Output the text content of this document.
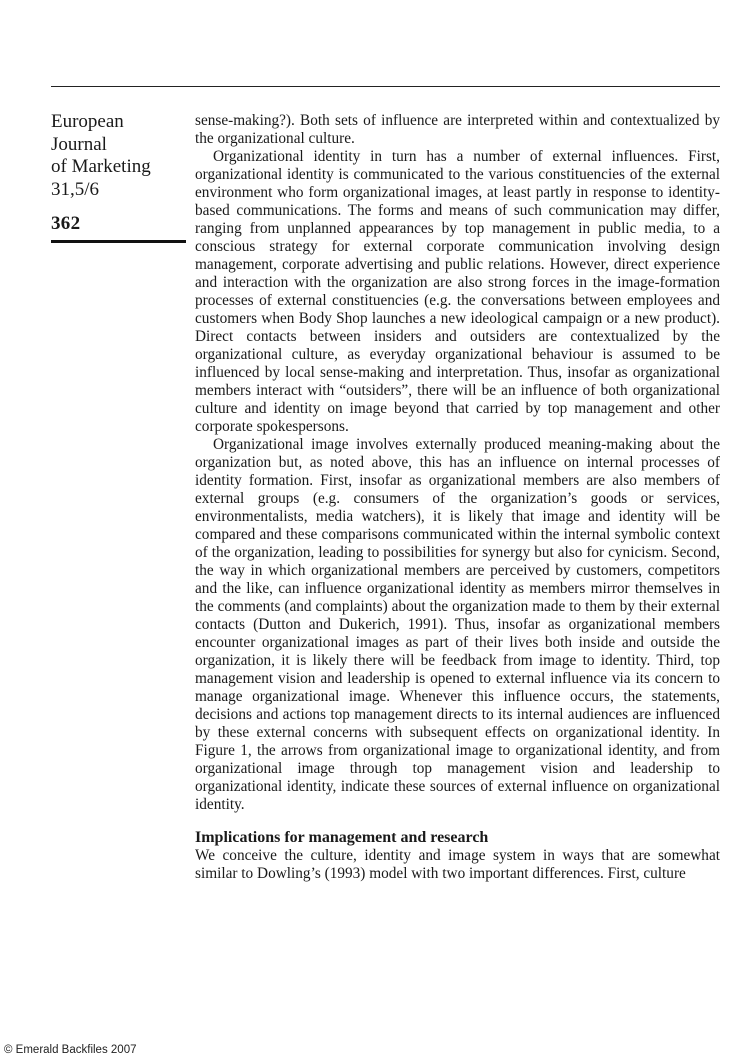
European
Journal
of Marketing
31,5/6
362

sense-making?). Both sets of influence are interpreted within and contextualized by the organizational culture.

Organizational identity in turn has a number of external influences. First, organizational identity is communicated to the various constituencies of the external environment who form organizational images, at least partly in response to identity-based communications. The forms and means of such communication may differ, ranging from unplanned appearances by top management in public media, to a conscious strategy for external corporate communication involving design management, corporate advertising and public relations. However, direct experience and interaction with the organization are also strong forces in the image-formation processes of external constituencies (e.g. the conversations between employees and customers when Body Shop launches a new ideological campaign or a new product). Direct contacts between insiders and outsiders are contextualized by the organizational culture, as everyday organizational behaviour is assumed to be influenced by local sense-making and interpretation. Thus, insofar as organizational members interact with “outsiders”, there will be an influence of both organizational culture and identity on image beyond that carried by top management and other corporate spokespersons.

Organizational image involves externally produced meaning-making about the organization but, as noted above, this has an influence on internal processes of identity formation. First, insofar as organizational members are also members of external groups (e.g. consumers of the organization’s goods or services, environmentalists, media watchers), it is likely that image and identity will be compared and these comparisons communicated within the internal symbolic context of the organization, leading to possibilities for synergy but also for cynicism. Second, the way in which organizational members are perceived by customers, competitors and the like, can influence organizational identity as members mirror themselves in the comments (and complaints) about the organization made to them by their external contacts (Dutton and Dukerich, 1991). Thus, insofar as organizational members encounter organizational images as part of their lives both inside and outside the organization, it is likely there will be feedback from image to identity. Third, top management vision and leadership is opened to external influence via its concern to manage organizational image. Whenever this influence occurs, the statements, decisions and actions top management directs to its internal audiences are influenced by these external concerns with subsequent effects on organizational identity. In Figure 1, the arrows from organizational image to organizational identity, and from organizational image through top management vision and leadership to organizational identity, indicate these sources of external influence on organizational identity.

Implications for management and research

We conceive the culture, identity and image system in ways that are somewhat similar to Dowling’s (1993) model with two important differences. First, culture

© Emerald Backfiles 2007
